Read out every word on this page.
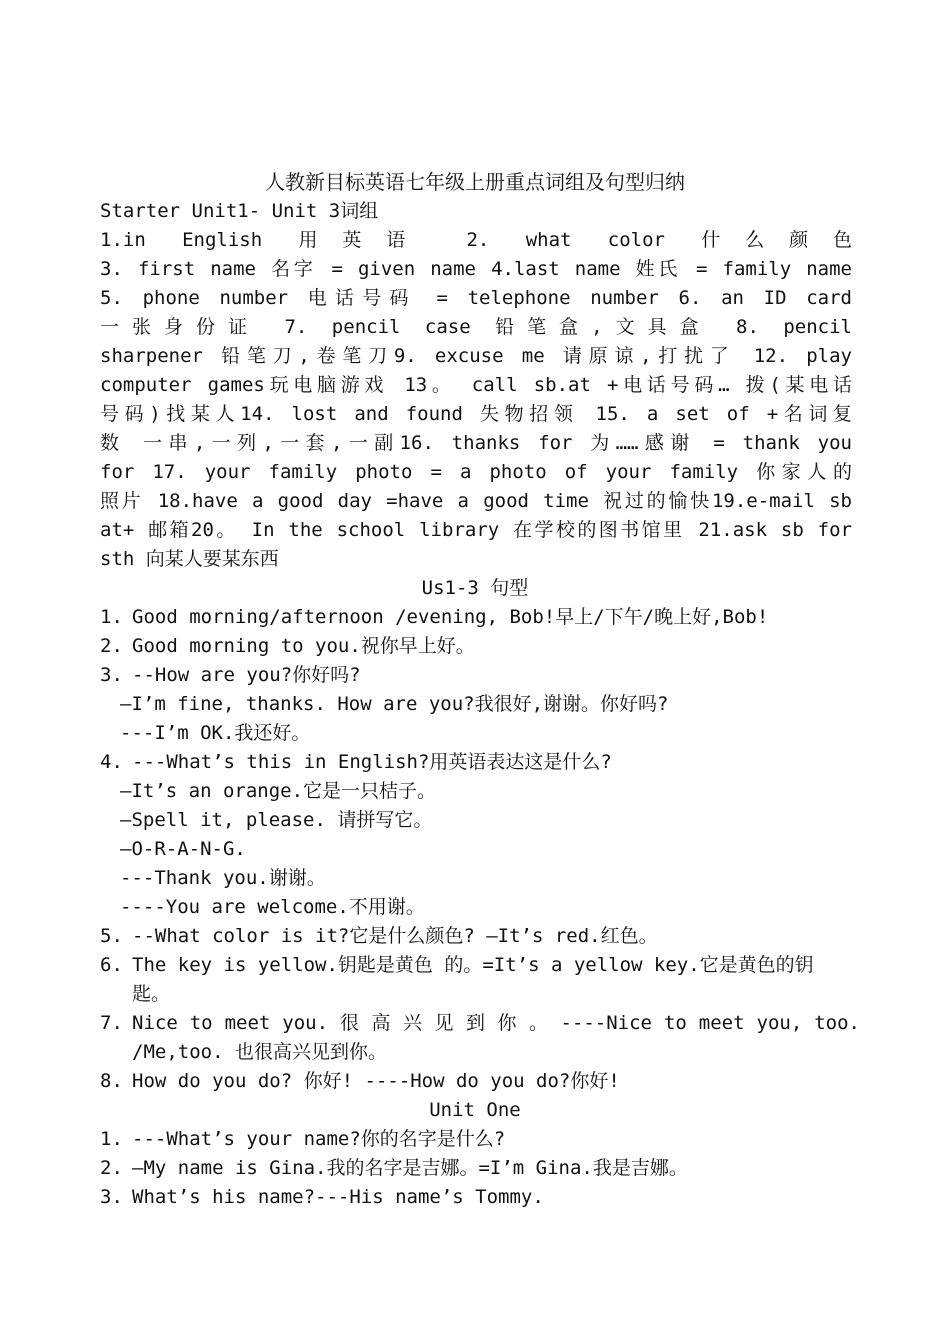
人教新目标英语七年级上册重点词组及句型归纳
Starter Unit1- Unit 3词组
1.in English 用英语 2. what color 什么颜色
3. first name 名字 = given name 4.last name 姓氏 = family name
5. phone number 电话号码 = telephone number 6. an ID card
一张身份证 7. pencil case 铅笔盒,文具盒 8. pencil
sharpener 铅笔刀,卷笔刀9. excuse me 请原谅,打扰了 12. play
computer games玩电脑游戏 13。 call sb.at +电话号码… 拨(某电话
号码)找某人14. lost and found 失物招领 15. a set of +名词复
数 一串,一列,一套,一副16. thanks for 为……感谢 = thank you
for 17. your family photo = a photo of your family 你家人的
照片 18.have a good day =have a good time 祝过的愉快19.e-mail sb
at+ 邮箱20。 In the school library 在学校的图书馆里 21.ask sb for
sth 向某人要某东西
Us1-3 句型
1. Good morning/afternoon /evening, Bob!早上/下午/晚上好,Bob!
2. Good morning to you.祝你早上好。
3. --How are you?你好吗?
—I’m fine, thanks. How are you?我很好,谢谢。你好吗?
---I’m OK.我还好。
4. ---What’s this in English?用英语表达这是什么?
—It’s an orange.它是一只桔子。
—Spell it, please. 请拼写它。
—O-R-A-N-G.
---Thank you.谢谢。
----You are welcome.不用谢。
5. --What color is it?它是什么颜色? —It’s red.红色。
6. The key is yellow.钥匙是黄色 的。=It’s a yellow key.它是黄色的钥
匙。
7. Nice to meet you. 很 高 兴 见 到 你 。 ----Nice to meet you, too.
/Me,too. 也很高兴见到你。
8. How do you do? 你好! ----How do you do?你好!
Unit One
1. ---What’s your name?你的名字是什么?
2. —My name is Gina.我的名字是吉娜。=I’m Gina.我是吉娜。
3. What’s his name?---His name’s Tommy.
